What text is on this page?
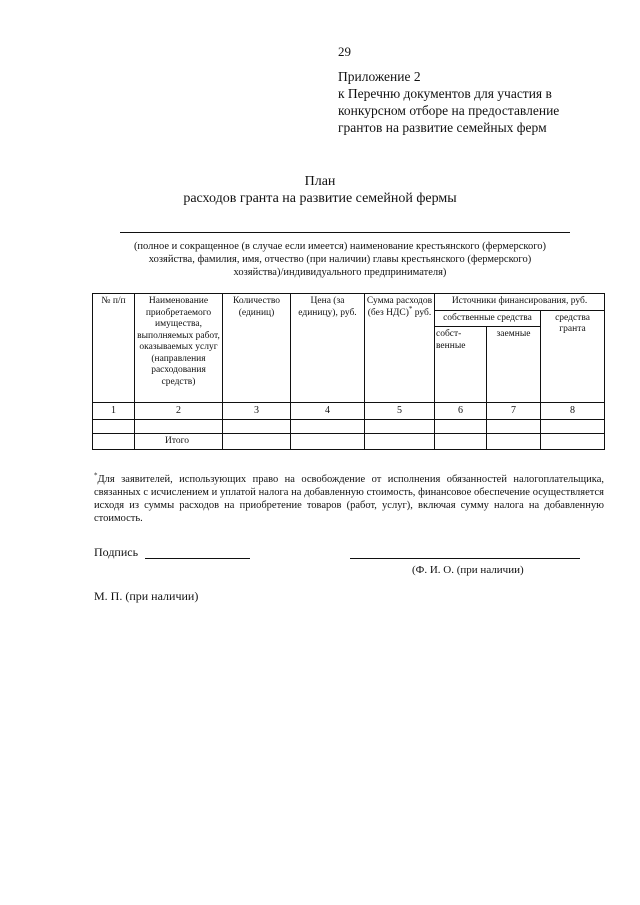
29
Приложение 2
к Перечню документов для участия в
конкурсном отборе на предоставление
грантов на развитие семейных ферм
План
расходов гранта на развитие семейной фермы
(полное и сокращенное (в случае если имеется) наименование крестьянского (фермерского)
хозяйства, фамилия, имя, отчество (при наличии) главы крестьянского (фермерского)
хозяйства)/индивидуального предпринимателя)
№ п/п	Наименование приобретаемого имущества, выполняемых работ, оказываемых услуг (направления расходования средств)	Количество (единиц)	Цена (за единицу), руб.	Сумма расходов (без НДС)* руб.	Источники финансирования, руб.		
					собственные средства		средства гранта
					собст-венные	заемные	
1	2	3	4	5	6	7	8

	Итого						
*Для заявителей, использующих право на освобождение от исполнения обязанностей налогоплательщика, связанных с исчислением и уплатой налога на добавленную стоимость, финансовое обеспечение осуществляется исходя из суммы расходов на приобретение товаров (работ, услуг), включая сумму налога на добавленную стоимость.
Подпись
(Ф. И. О. (при наличии)
М. П. (при наличии)
